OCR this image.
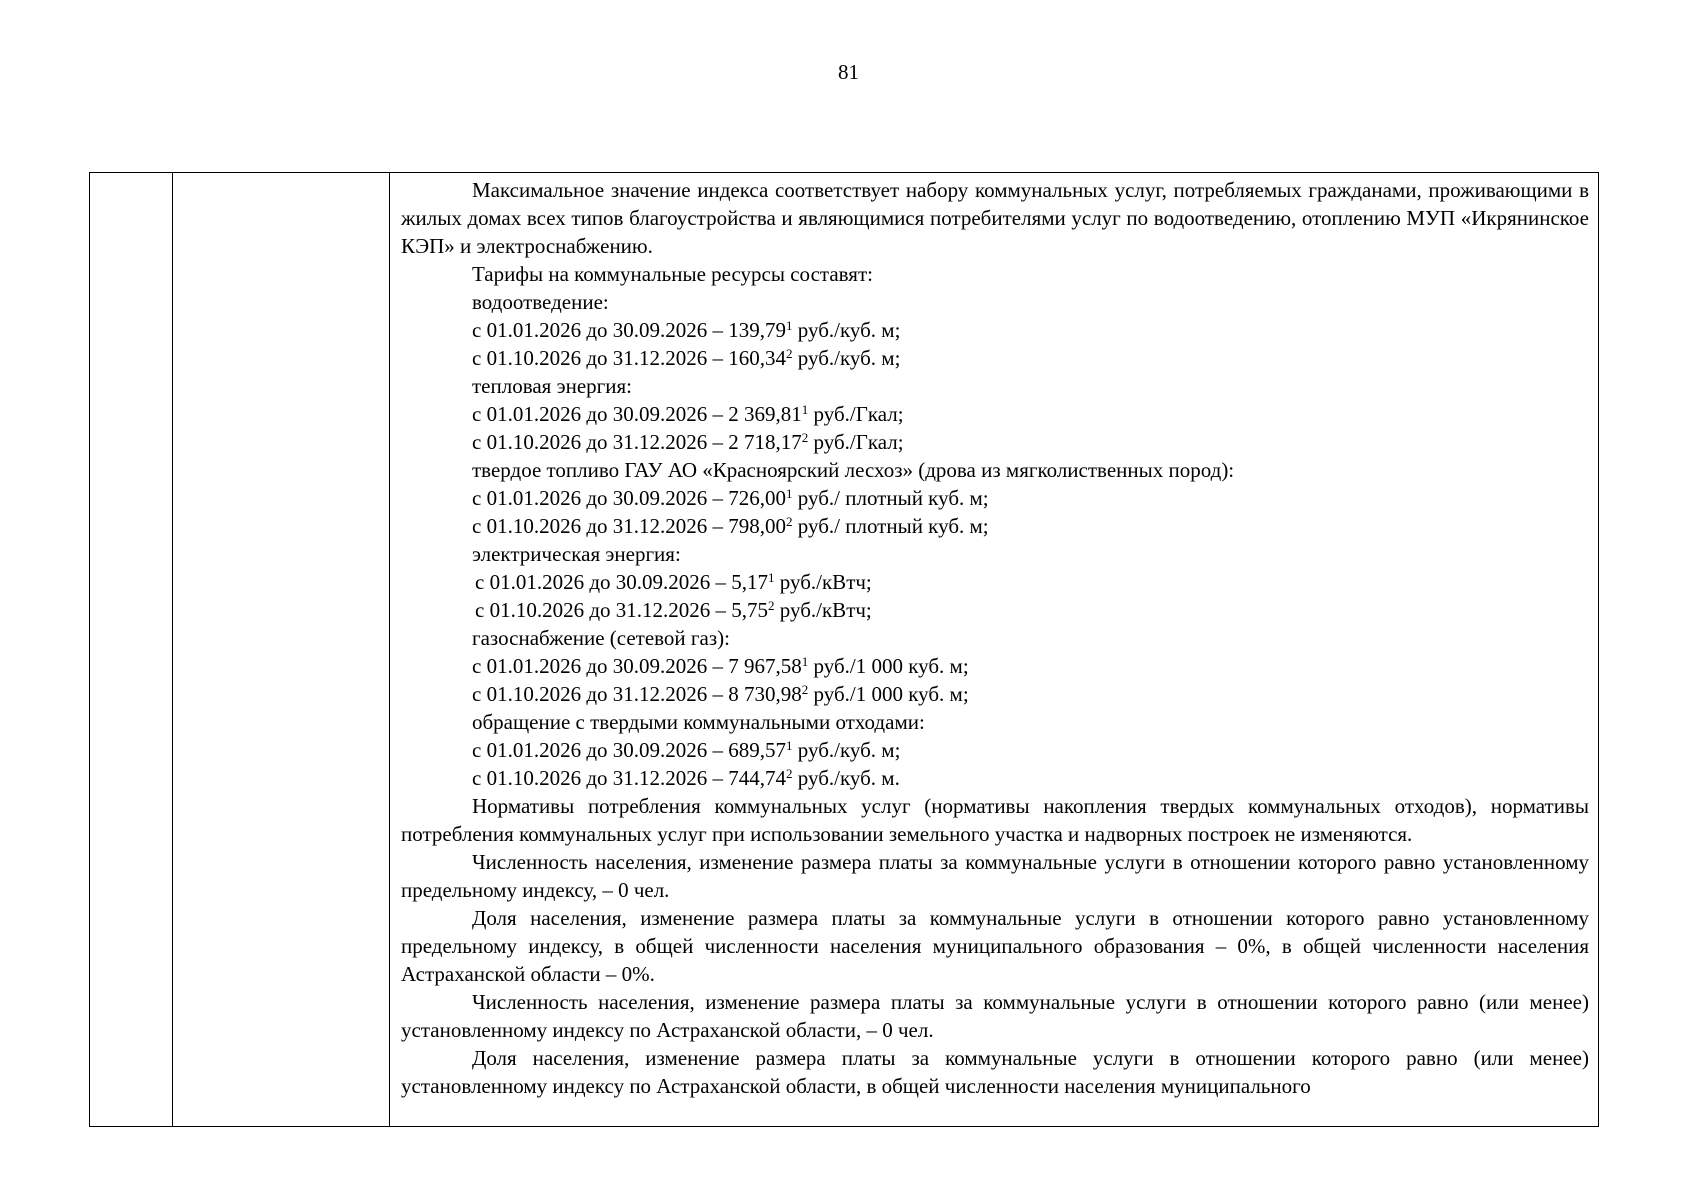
81

Максимальное значение индекса соответствует набору коммунальных услуг, потребляемых гражданами, проживающими в жилых домах всех типов благоустройства и являющимися потребителями услуг по водоотведению, отоплению МУП «Икрянинское КЭП» и электроснабжению.

Тарифы на коммунальные ресурсы составят:
водоотведение:
с 01.01.2026 до 30.09.2026 – 139,79$^1$ руб./куб. м;
с 01.10.2026 до 31.12.2026 – 160,34$^2$ руб./куб. м;
тепловая энергия:
с 01.01.2026 до 30.09.2026 – 2 369,81$^1$ руб./Гкал;
с 01.10.2026 до 31.12.2026 – 2 718,17$^2$ руб./Гкал;
твердое топливо ГАУ АО «Красноярский лесхоз» (дрова из мягколиственных пород):
с 01.01.2026 до 30.09.2026 – 726,00$^1$ руб./ плотный куб. м;
с 01.10.2026 до 31.12.2026 – 798,00$^2$ руб./ плотный куб. м;
электрическая энергия:
с 01.01.2026 до 30.09.2026 – 5,17$^1$ руб./кВтч;
с 01.10.2026 до 31.12.2026 – 5,75$^2$ руб./кВтч;
газоснабжение (сетевой газ):
с 01.01.2026 до 30.09.2026 – 7 967,58$^1$ руб./1 000 куб. м;
с 01.10.2026 до 31.12.2026 – 8 730,98$^2$ руб./1 000 куб. м;
обращение с твердыми коммунальными отходами:
с 01.01.2026 до 30.09.2026 – 689,57$^1$ руб./куб. м;
с 01.10.2026 до 31.12.2026 – 744,74$^2$ руб./куб. м.

Нормативы потребления коммунальных услуг (нормативы накопления твердых коммунальных отходов), нормативы потребления коммунальных услуг при использовании земельного участка и надворных построек не изменяются.

Численность населения, изменение размера платы за коммунальные услуги в отношении которого равно установленному предельному индексу, – 0 чел.

Доля населения, изменение размера платы за коммунальные услуги в отношении которого равно установленному предельному индексу, в общей численности населения муниципального образования – 0%, в общей численности населения Астраханской области – 0%.

Численность населения, изменение размера платы за коммунальные услуги в отношении которого равно (или менее) установленному индексу по Астраханской области, – 0 чел.

Доля населения, изменение размера платы за коммунальные услуги в отношении которого равно (или менее) установленному индексу по Астраханской области, в общей численности населения муниципального
